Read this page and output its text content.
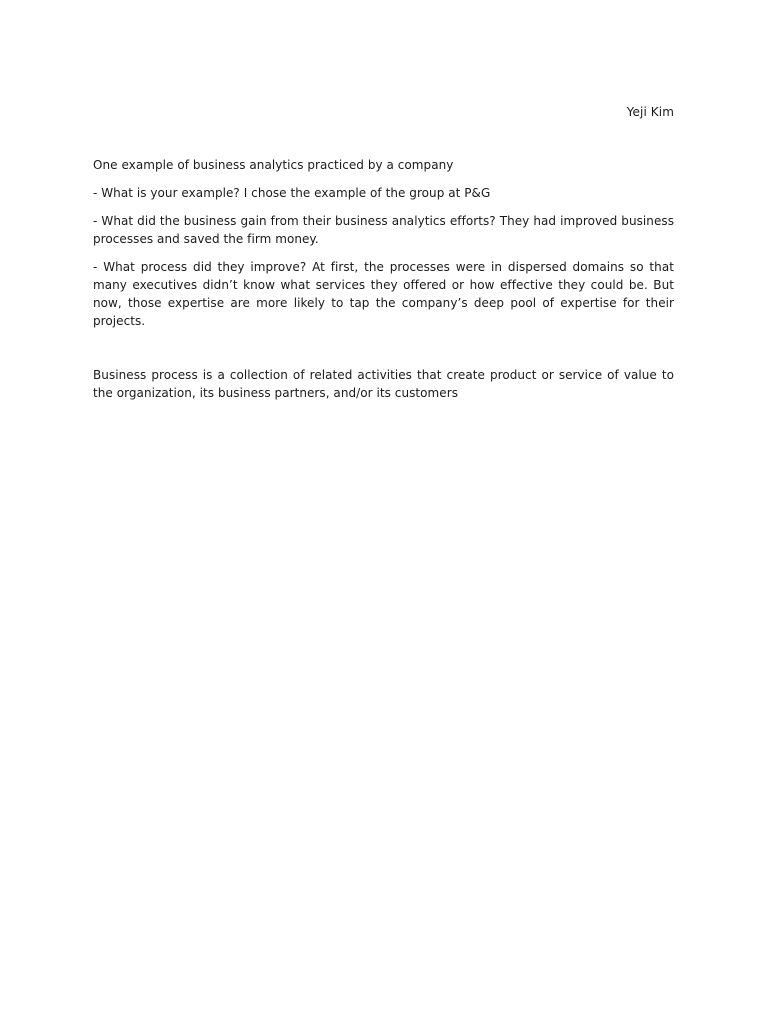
Yeji Kim

One example of business analytics practiced by a company

- What is your example? I chose the example of the group at P&G

- What did the business gain from their business analytics efforts? They had improved business processes and saved the firm money.

- What process did they improve? At first, the processes were in dispersed domains so that many executives didn’t know what services they offered or how effective they could be. But now, those expertise are more likely to tap the company’s deep pool of expertise for their projects.

Business process is a collection of related activities that create product or service of value to the organization, its business partners, and/or its customers
